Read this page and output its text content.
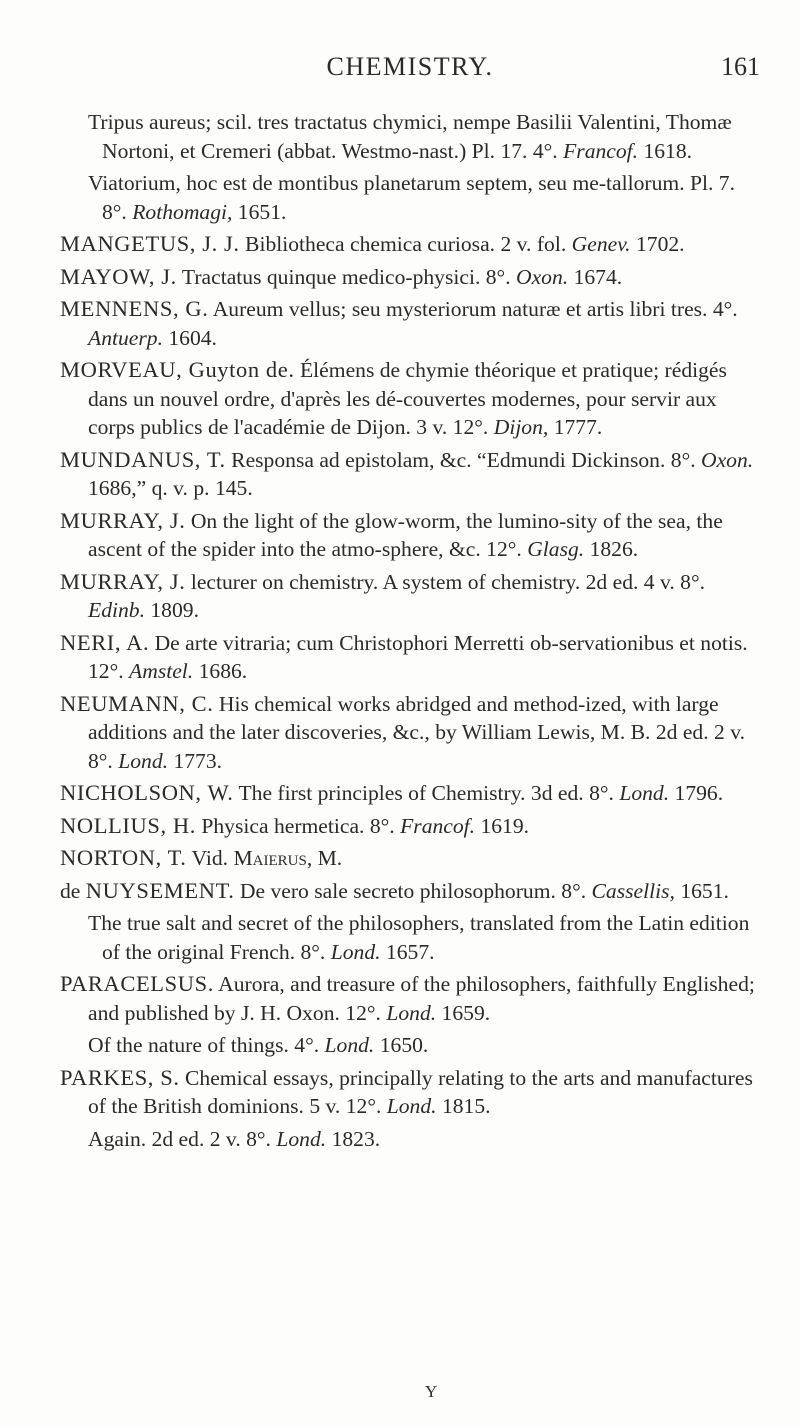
CHEMISTRY.	161
Tripus aureus; scil. tres tractatus chymici, nempe Basilii Valentini, Thomæ Nortoni, et Cremeri (abbat. Westmo-nast.) Pl. 17. 4°. Francof. 1618.
Viatorium, hoc est de montibus planetarum septem, seu me-tallorum. Pl. 7. 8°. Rothomagi, 1651.
MANGETUS, J. J. Bibliotheca chemica curiosa. 2 v. fol. Genev. 1702.
MAYOW, J. Tractatus quinque medico-physici. 8°. Oxon. 1674.
MENNENS, G. Aureum vellus; seu mysteriorum naturæ et artis libri tres. 4°. Antuerp. 1604.
MORVEAU, Guyton de. Élémens de chymie théorique et pratique; rédigés dans un nouvel ordre, d'après les dé-couvertes modernes, pour servir aux corps publics de l'académie de Dijon. 3 v. 12°. Dijon, 1777.
MUNDANUS, T. Responsa ad epistolam, &c. “Edmundi Dickinson. 8°. Oxon. 1686,” q. v. p. 145.
MURRAY, J. On the light of the glow-worm, the lumino-sity of the sea, the ascent of the spider into the atmo-sphere, &c. 12°. Glasg. 1826.
MURRAY, J. lecturer on chemistry. A system of chemistry. 2d ed. 4 v. 8°. Edinb. 1809.
NERI, A. De arte vitraria; cum Christophori Merretti ob-servationibus et notis. 12°. Amstel. 1686.
NEUMANN, C. His chemical works abridged and method-ized, with large additions and the later discoveries, &c., by William Lewis, M. B. 2d ed. 2 v. 8°. Lond. 1773.
NICHOLSON, W. The first principles of Chemistry. 3d ed. 8°. Lond. 1796.
NOLLIUS, H. Physica hermetica. 8°. Francof. 1619.
NORTON, T. Vid. Maierus, M.
de NUYSEMENT. De vero sale secreto philosophorum. 8°. Cassellis, 1651.
The true salt and secret of the philosophers, translated from the Latin edition of the original French. 8°. Lond. 1657.
PARACELSUS. Aurora, and treasure of the philosophers, faithfully Englished; and published by J. H. Oxon. 12°. Lond. 1659.
Of the nature of things. 4°. Lond. 1650.
PARKES, S. Chemical essays, principally relating to the arts and manufactures of the British dominions. 5 v. 12°. Lond. 1815.
Again. 2d ed. 2 v. 8°. Lond. 1823.
Y
